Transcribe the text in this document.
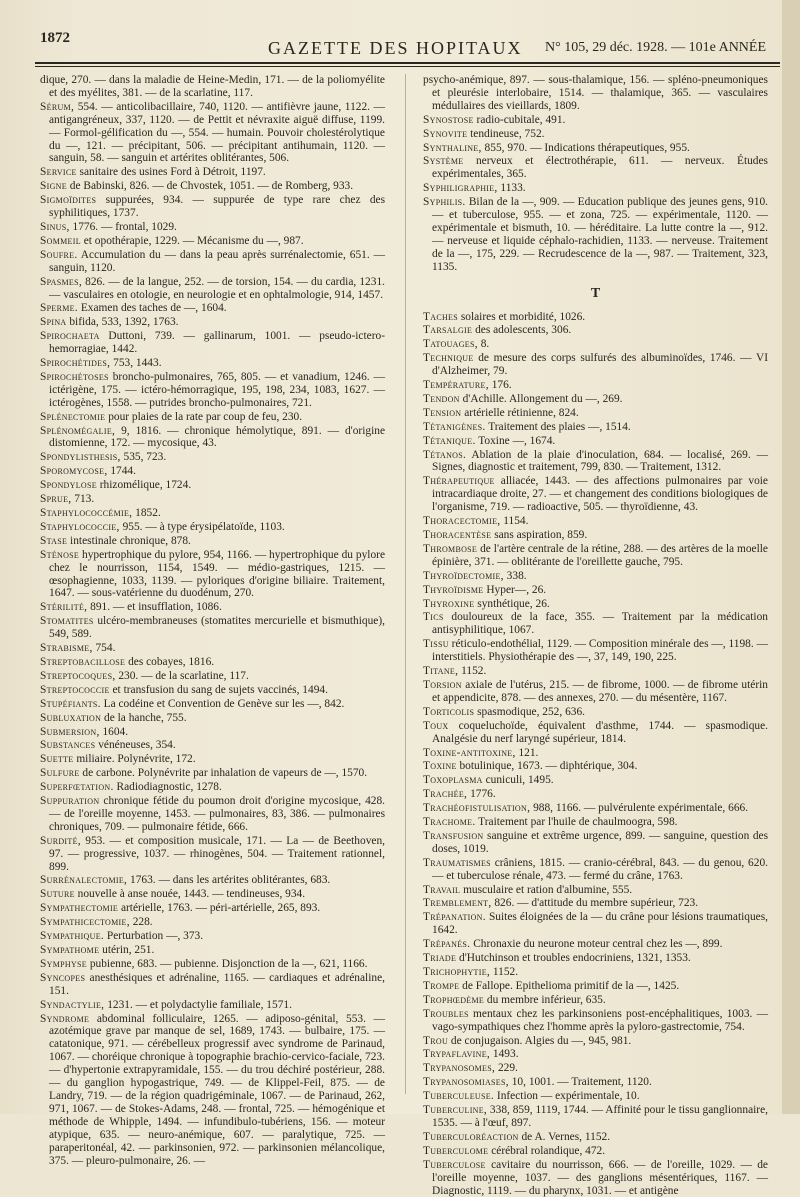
1872	GAZETTE DES HOPITAUX N° 105, 29 déc. 1928. — 101e ANNÉE
dique, 270. — dans la maladie de Heine-Medin, 171. — de la poliomyélite et des myélites, 381. — de la scarlatine, 117.
Sérum, 554. — anticolibacillaire, 740, 1120. — antifièvre jaune, 1122. — antigangréneux, 337, 1120. — de Pettit et névraxite aiguë diffuse, 1199. — Formol-gélification du —, 554. — humain. Pouvoir cholestérolytique du —, 121. — précipitant, 506. — précipitant antihumain, 1120. — sanguin, 58. — sanguin et artérites oblitérantes, 506.
Service sanitaire des usines Ford à Détroit, 1197.
Signe de Babinski, 826. — de Chvostek, 1051. — de Romberg, 933.
Sigmoïdites suppurées, 934. — suppurée de type rare chez des syphilitiques, 1737.
Sinus, 1776. — frontal, 1029.
Sommeil et opothérapie, 1229. — Mécanisme du —, 987.
Soufre. Accumulation du — dans la peau après surrénalectomie, 651. — sanguin, 1120.
Spasmes, 826. — de la langue, 252. — de torsion, 154. — du cardia, 1231. — vasculaires en otologie, en neurologie et en ophtalmologie, 914, 1457.
Sperme. Examen des taches de —, 1604.
Spina bifida, 533, 1392, 1763.
Spirochaeta Duttoni, 739. — gallinarum, 1001. — pseudo-ictero-hemorragiae, 1442.
Spirochétides, 753, 1443.
Spirochétoses broncho-pulmonaires, 765, 805. — et vanadium, 1246. — ictérigène, 175. — ictéro-hémorragique, 195, 198, 234, 1083, 1627. — ictérogènes, 1558. — putrides broncho-pulmonaires, 721.
Splénectomie pour plaies de la rate par coup de feu, 230.
Splénomégalie, 9, 1816. — chronique hémolytique, 891. — d'origine distomienne, 172. — mycosique, 43.
Spondylisthesis, 535, 723.
Sporomycose, 1744.
Spondylose rhizomélique, 1724.
Sprue, 713.
Staphylococcémie, 1852.
Staphylococcie, 955. — à type érysipélatoïde, 1103.
Stase intestinale chronique, 878.
Sténose hypertrophique du pylore, 954, 1166. — hypertrophique du pylore chez le nourrisson, 1154, 1549. — médio-gastriques, 1215. — œsophagienne, 1033, 1139. — pyloriques d'origine biliaire. Traitement, 1647. — sous-vatérienne du duodénum, 270.
Stérilité, 891. — et insufflation, 1086.
Stomatites ulcéro-membraneuses (stomatites mercurielle et bismuthique), 549, 589.
Strabisme, 754.
Streptobacillose des cobayes, 1816.
Streptocoques, 230. — de la scarlatine, 117.
Streptococcie et transfusion du sang de sujets vaccinés, 1494.
Stupéfiants. La codéine et Convention de Genève sur les —, 842.
Subluxation de la hanche, 755.
Submersion, 1604.
Substances vénéneuses, 354.
Suette miliaire. Polynévrite, 172.
Sulfure de carbone. Polynévrite par inhalation de vapeurs de —, 1570.
Superfœtation. Radiodiagnostic, 1278.
Suppuration chronique fétide du poumon droit d'origine mycosique, 428. — de l'oreille moyenne, 1453. — pulmonaires, 83, 386. — pulmonaires chroniques, 709. — pulmonaire fétide, 666.
Surdité, 953. — et composition musicale, 171. — La — de Beethoven, 97. — progressive, 1037. — rhinogènes, 504. — Traitement rationnel, 899.
Surrénalectomie, 1763. — dans les artérites oblitérantes, 683.
Suture nouvelle à anse nouée, 1443. — tendineuses, 934.
Sympathectomie artérielle, 1763. — péri-artérielle, 265, 893.
Sympathicectomie, 228.
Sympathique. Perturbation —, 373.
Sympathome utérin, 251.
Symphyse pubienne, 683. — pubienne. Disjonction de la —, 621, 1166.
Syncopes anesthésiques et adrénaline, 1165. — cardiaques et adrénaline, 151.
Syndactylie, 1231. — et polydactylie familiale, 1571.
Syndrome abdominal folliculaire, 1265. — adiposo-génital, 553. — azotémique grave par manque de sel, 1689, 1743. — bulbaire, 175. — catatonique, 971. — cérébelleux progressif avec syndrome de Parinaud, 1067. — choréique chronique à topographie brachio-cervico-faciale, 723. — d'hypertonie extrapyramidale, 155. — du trou déchiré postérieur, 288. — du ganglion hypogastrique, 749. — de Klippel-Feil, 875. — de Landry, 719. — de la région quadrigéminale, 1067. — de Parinaud, 262, 971, 1067. — de Stokes-Adams, 248. — frontal, 725. — hémogénique et méthode de Whipple, 1494. — infundibulo-tubériens, 156. — moteur atypique, 635. — neuro-anémique, 607. — paralytique, 725. — paraperitonéal, 42. — parkinsonien, 972. — parkinsonien mélancolique, 375. — pleuro-pulmonaire, 26. —
psycho-anémique, 897. — sous-thalamique, 156. — spléno-pneumoniques et pleurésie interlobaire, 1514. — thalamique, 365. — vasculaires médullaires des vieillards, 1809.
Synostose radio-cubitale, 491.
Synovite tendineuse, 752.
Synthaline, 855, 970. — Indications thérapeutiques, 955.
Système nerveux et électrothérapie, 611. — nerveux. Études expérimentales, 365.
Syphiligraphie, 1133.
Syphilis. Bilan de la —, 909. — Education publique des jeunes gens, 910. — et tuberculose, 955. — et zona, 725. — expérimentale, 1120. — expérimentale et bismuth, 10. — héréditaire. La lutte contre la —, 912. — nerveuse et liquide céphalo-rachidien, 1133. — nerveuse. Traitement de la —, 175, 229. — Recrudescence de la —, 987. — Traitement, 323, 1135.
T
Taches solaires et morbidité, 1026.
Tarsalgie des adolescents, 306.
Tatouages, 8.
Technique de mesure des corps sulfurés des albuminoïdes, 1746. — VI d'Alzheimer, 79.
Température, 176.
Tendon d'Achille. Allongement du —, 269.
Tension artérielle rétinienne, 824.
Tétanigènes. Traitement des plaies —, 1514.
Tétanique. Toxine —, 1674.
Tétanos. Ablation de la plaie d'inoculation, 684. — localisé, 269. — Signes, diagnostic et traitement, 799, 830. — Traitement, 1312.
Thérapeutique alliacée, 1443. — des affections pulmonaires par voie intracardiaque droite, 27. — et changement des conditions biologiques de l'organisme, 719. — radioactive, 505. — thyroïdienne, 43.
Thoracectomie, 1154.
Thoracentèse sans aspiration, 859.
Thrombose de l'artère centrale de la rétine, 288. — des artères de la moelle épinière, 371. — oblitérante de l'oreillette gauche, 795.
Thyroïdectomie, 338.
Thyroïdisme Hyper—, 26.
Thyroxine synthétique, 26.
Tics douloureux de la face, 355. — Traitement par la médication antisyphilitique, 1067.
Tissu réticulo-endothélial, 1129. — Composition minérale des —, 1198. — interstitiels. Physiothérapie des —, 37, 149, 190, 225.
Titane, 1152.
Torsion axiale de l'utérus, 215. — de fibrome, 1000. — de fibrome utérin et appendicite, 878. — des annexes, 270. — du mésentère, 1167.
Torticolis spasmodique, 252, 636.
Toux coqueluchoïde, équivalent d'asthme, 1744. — spasmodique. Analgésie du nerf laryngé supérieur, 1814.
Toxine-antitoxine, 121.
Toxine botulinique, 1673. — diphtérique, 304.
Toxoplasma cuniculi, 1495.
Trachée, 1776.
Trachéofistulisation, 988, 1166. — pulvérulente expérimentale, 666.
Trachome. Traitement par l'huile de chaulmoogra, 598.
Transfusion sanguine et extrême urgence, 899. — sanguine, question des doses, 1019.
Traumatismes crâniens, 1815. — cranio-cérébral, 843. — du genou, 620. — et tuberculose rénale, 473. — fermé du crâne, 1763.
Travail musculaire et ration d'albumine, 555.
Tremblement, 826. — d'attitude du membre supérieur, 723.
Trépanation. Suites éloignées de la — du crâne pour lésions traumatiques, 1642.
Trépanés. Chronaxie du neurone moteur central chez les —, 899.
Triade d'Hutchinson et troubles endocriniens, 1321, 1353.
Trichophytie, 1152.
Trompe de Fallope. Epithelioma primitif de la —, 1425.
Trophœdème du membre inférieur, 635.
Troubles mentaux chez les parkinsoniens post-encéphalitiques, 1003. — vago-sympathiques chez l'homme après la pyloro-gastrectomie, 754.
Trou de conjugaison. Algies du —, 945, 981.
Trypaflavine, 1493.
Trypanosomes, 229.
Trypanosomiases, 10, 1001. — Traitement, 1120.
Tuberculeuse. Infection — expérimentale, 10.
Tuberculine, 338, 859, 1119, 1744. — Affinité pour le tissu ganglionnaire, 1535. — à l'œuf, 897.
Tuberculoréaction de A. Vernes, 1152.
Tuberculome cérébral rolandique, 472.
Tuberculose cavitaire du nourrisson, 666. — de l'oreille, 1029. — de l'oreille moyenne, 1037. — des ganglions mésentériques, 1167. — Diagnostic, 1119. — du pharynx, 1031. — et antigène
